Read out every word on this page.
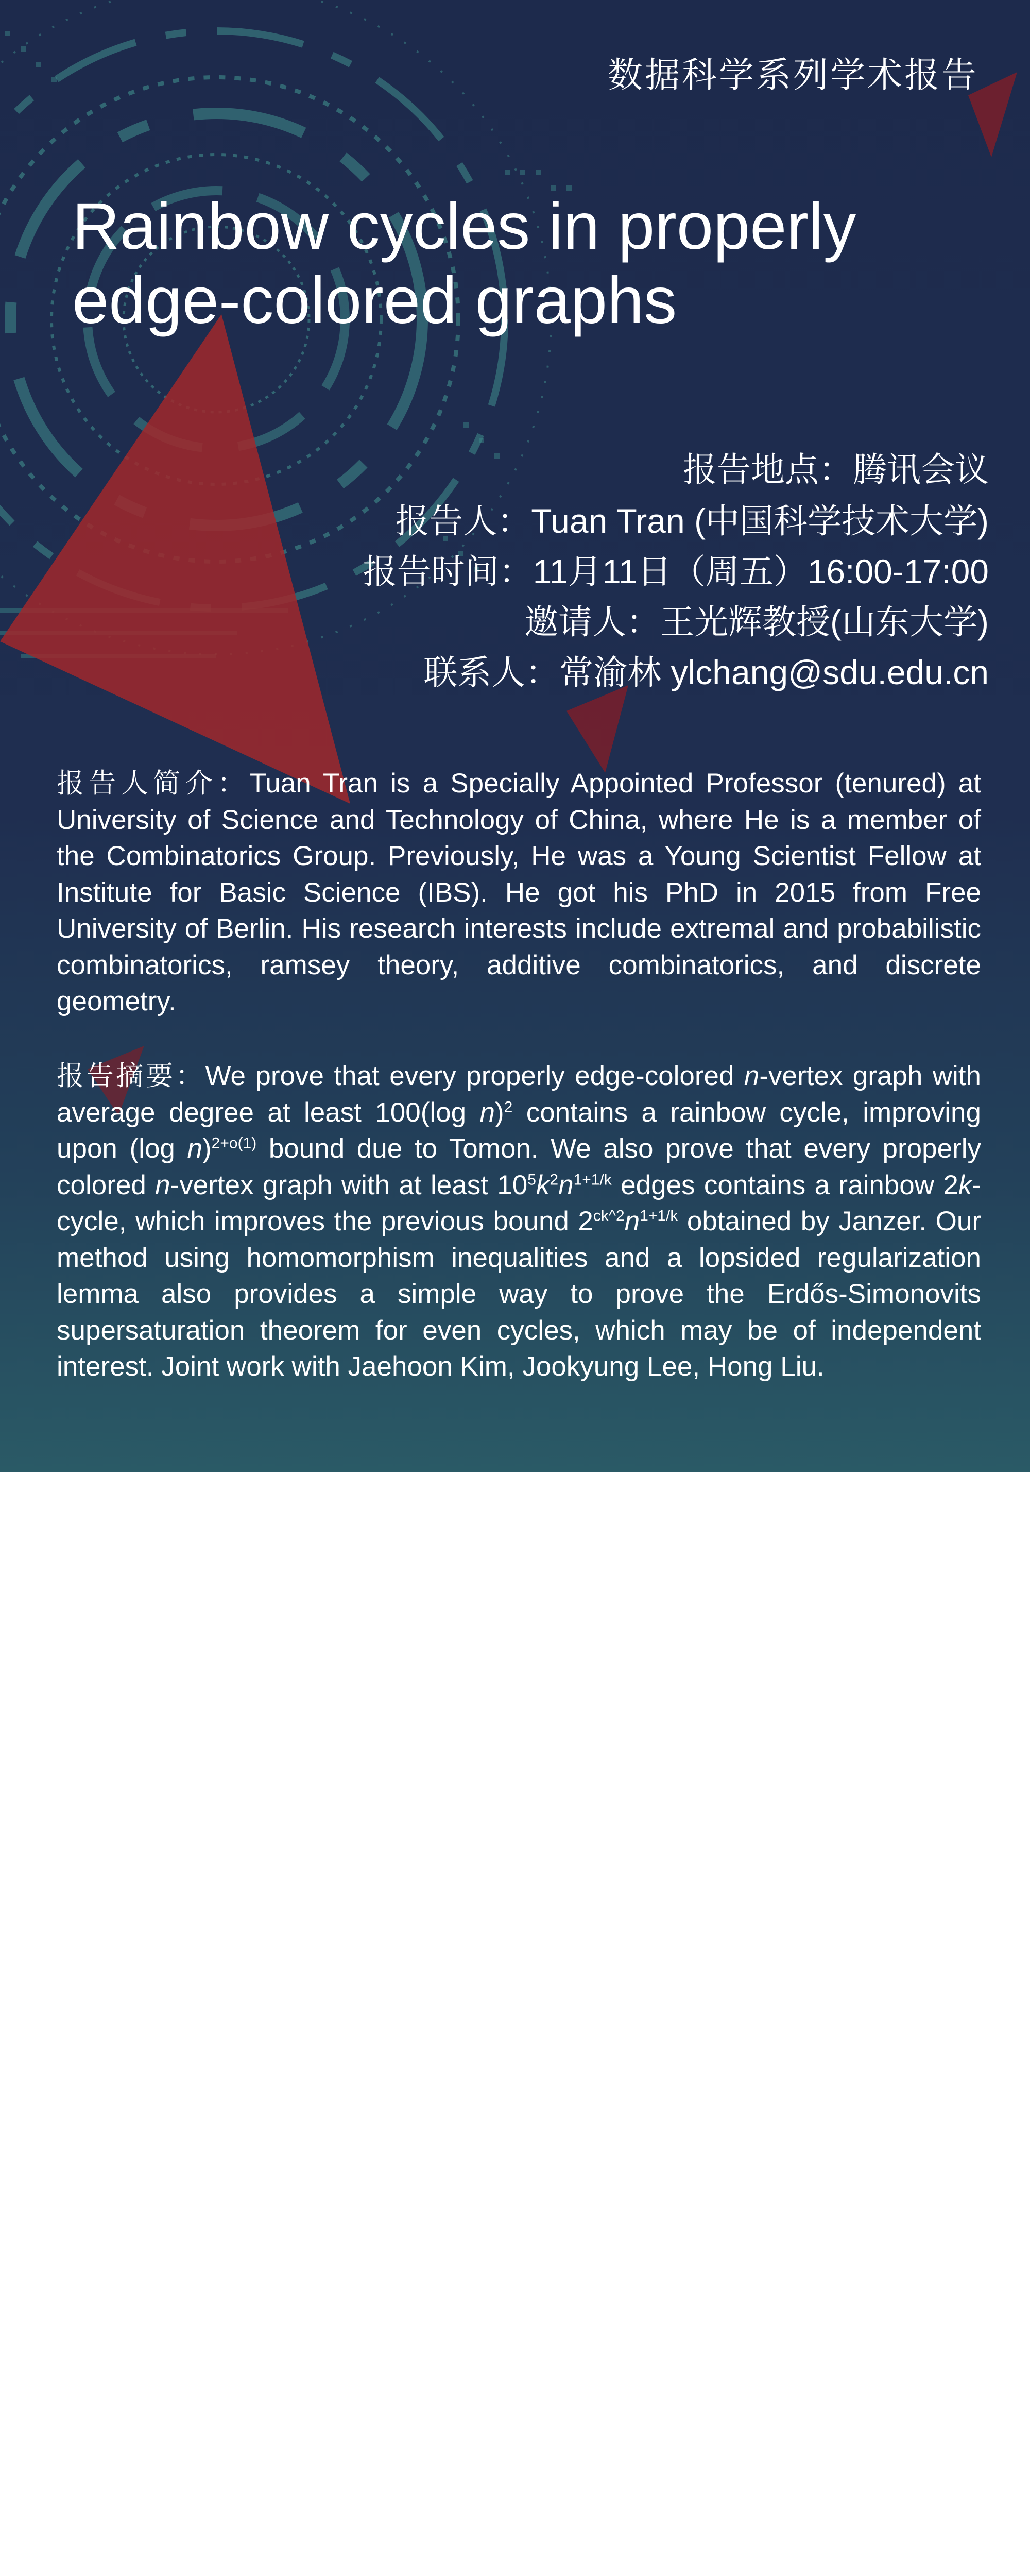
数据科学系列学术报告
Rainbow cycles in properly
edge-colored graphs
报告地点：腾讯会议
报告人：Tuan Tran (中国科学技术大学)
报告时间：11月11日（周五）16:00-17:00
邀请人：王光辉教授(山东大学)
联系人：常渝林 ylchang@sdu.edu.cn
报告人简介：Tuan Tran is a Specially Appointed Professor (tenured) at University of Science and Technology of China, where He is a member of the Combinatorics Group. Previously, He was a Young Scientist Fellow at Institute for Basic Science (IBS). He got his PhD in 2015 from Free University of Berlin. His research interests include extremal and probabilistic combinatorics, ramsey theory, additive combinatorics, and discrete geometry.
报告摘要：We prove that every properly edge-colored n-vertex graph with average degree at least 100(log n)$^2$ contains a rainbow cycle, improving upon (log n)$^{2+o(1)}$ bound due to Tomon. We also prove that every properly colored n-vertex graph with at least $10^5k^2n^{1+1/k}$ edges contains a rainbow 2k-cycle, which improves the previous bound $2^{ck\^{}2}n^{1+1/k}$ obtained by Janzer. Our method using homomorphism inequalities and a lopsided regularization lemma also provides a simple way to prove the Erdős-Simonovits supersaturation theorem for even cycles, which may be of independent interest. Joint work with Jaehoon Kim, Jookyung Lee, Hong Liu.
